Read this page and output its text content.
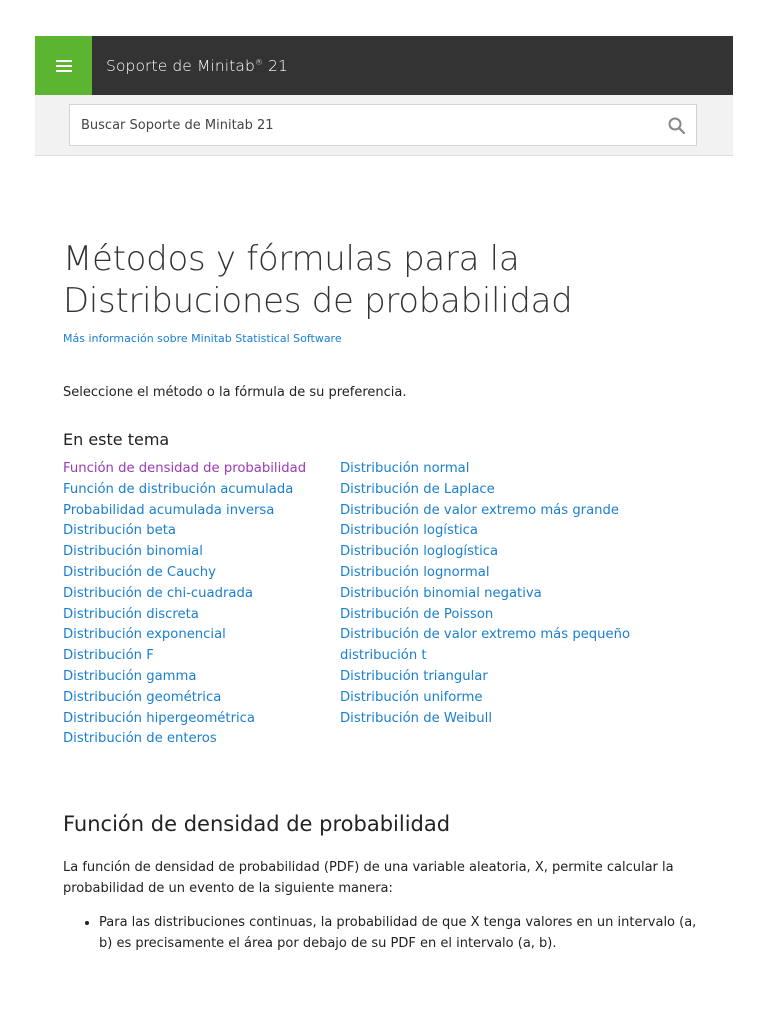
Soporte de Minitab® 21
Buscar Soporte de Minitab 21
Métodos y fórmulas para la
Distribuciones de probabilidad
Más información sobre Minitab Statistical Software
Seleccione el método o la fórmula de su preferencia.
En este tema
Función de densidad de probabilidad
Función de distribución acumulada
Probabilidad acumulada inversa
Distribución beta
Distribución binomial
Distribución de Cauchy
Distribución de chi-cuadrada
Distribución discreta
Distribución exponencial
Distribución F
Distribución gamma
Distribución geométrica
Distribución hipergeométrica
Distribución de enteros
Distribución normal
Distribución de Laplace
Distribución de valor extremo más grande
Distribución logística
Distribución loglogística
Distribución lognormal
Distribución binomial negativa
Distribución de Poisson
Distribución de valor extremo más pequeño
distribución t
Distribución triangular
Distribución uniforme
Distribución de Weibull
Función de densidad de probabilidad

La función de densidad de probabilidad (PDF) de una variable aleatoria, X, permite calcular la probabilidad de un evento de la siguiente manera:

• Para las distribuciones continuas, la probabilidad de que X tenga valores en un intervalo (a, b) es precisamente el área por debajo de su PDF en el intervalo (a, b).
